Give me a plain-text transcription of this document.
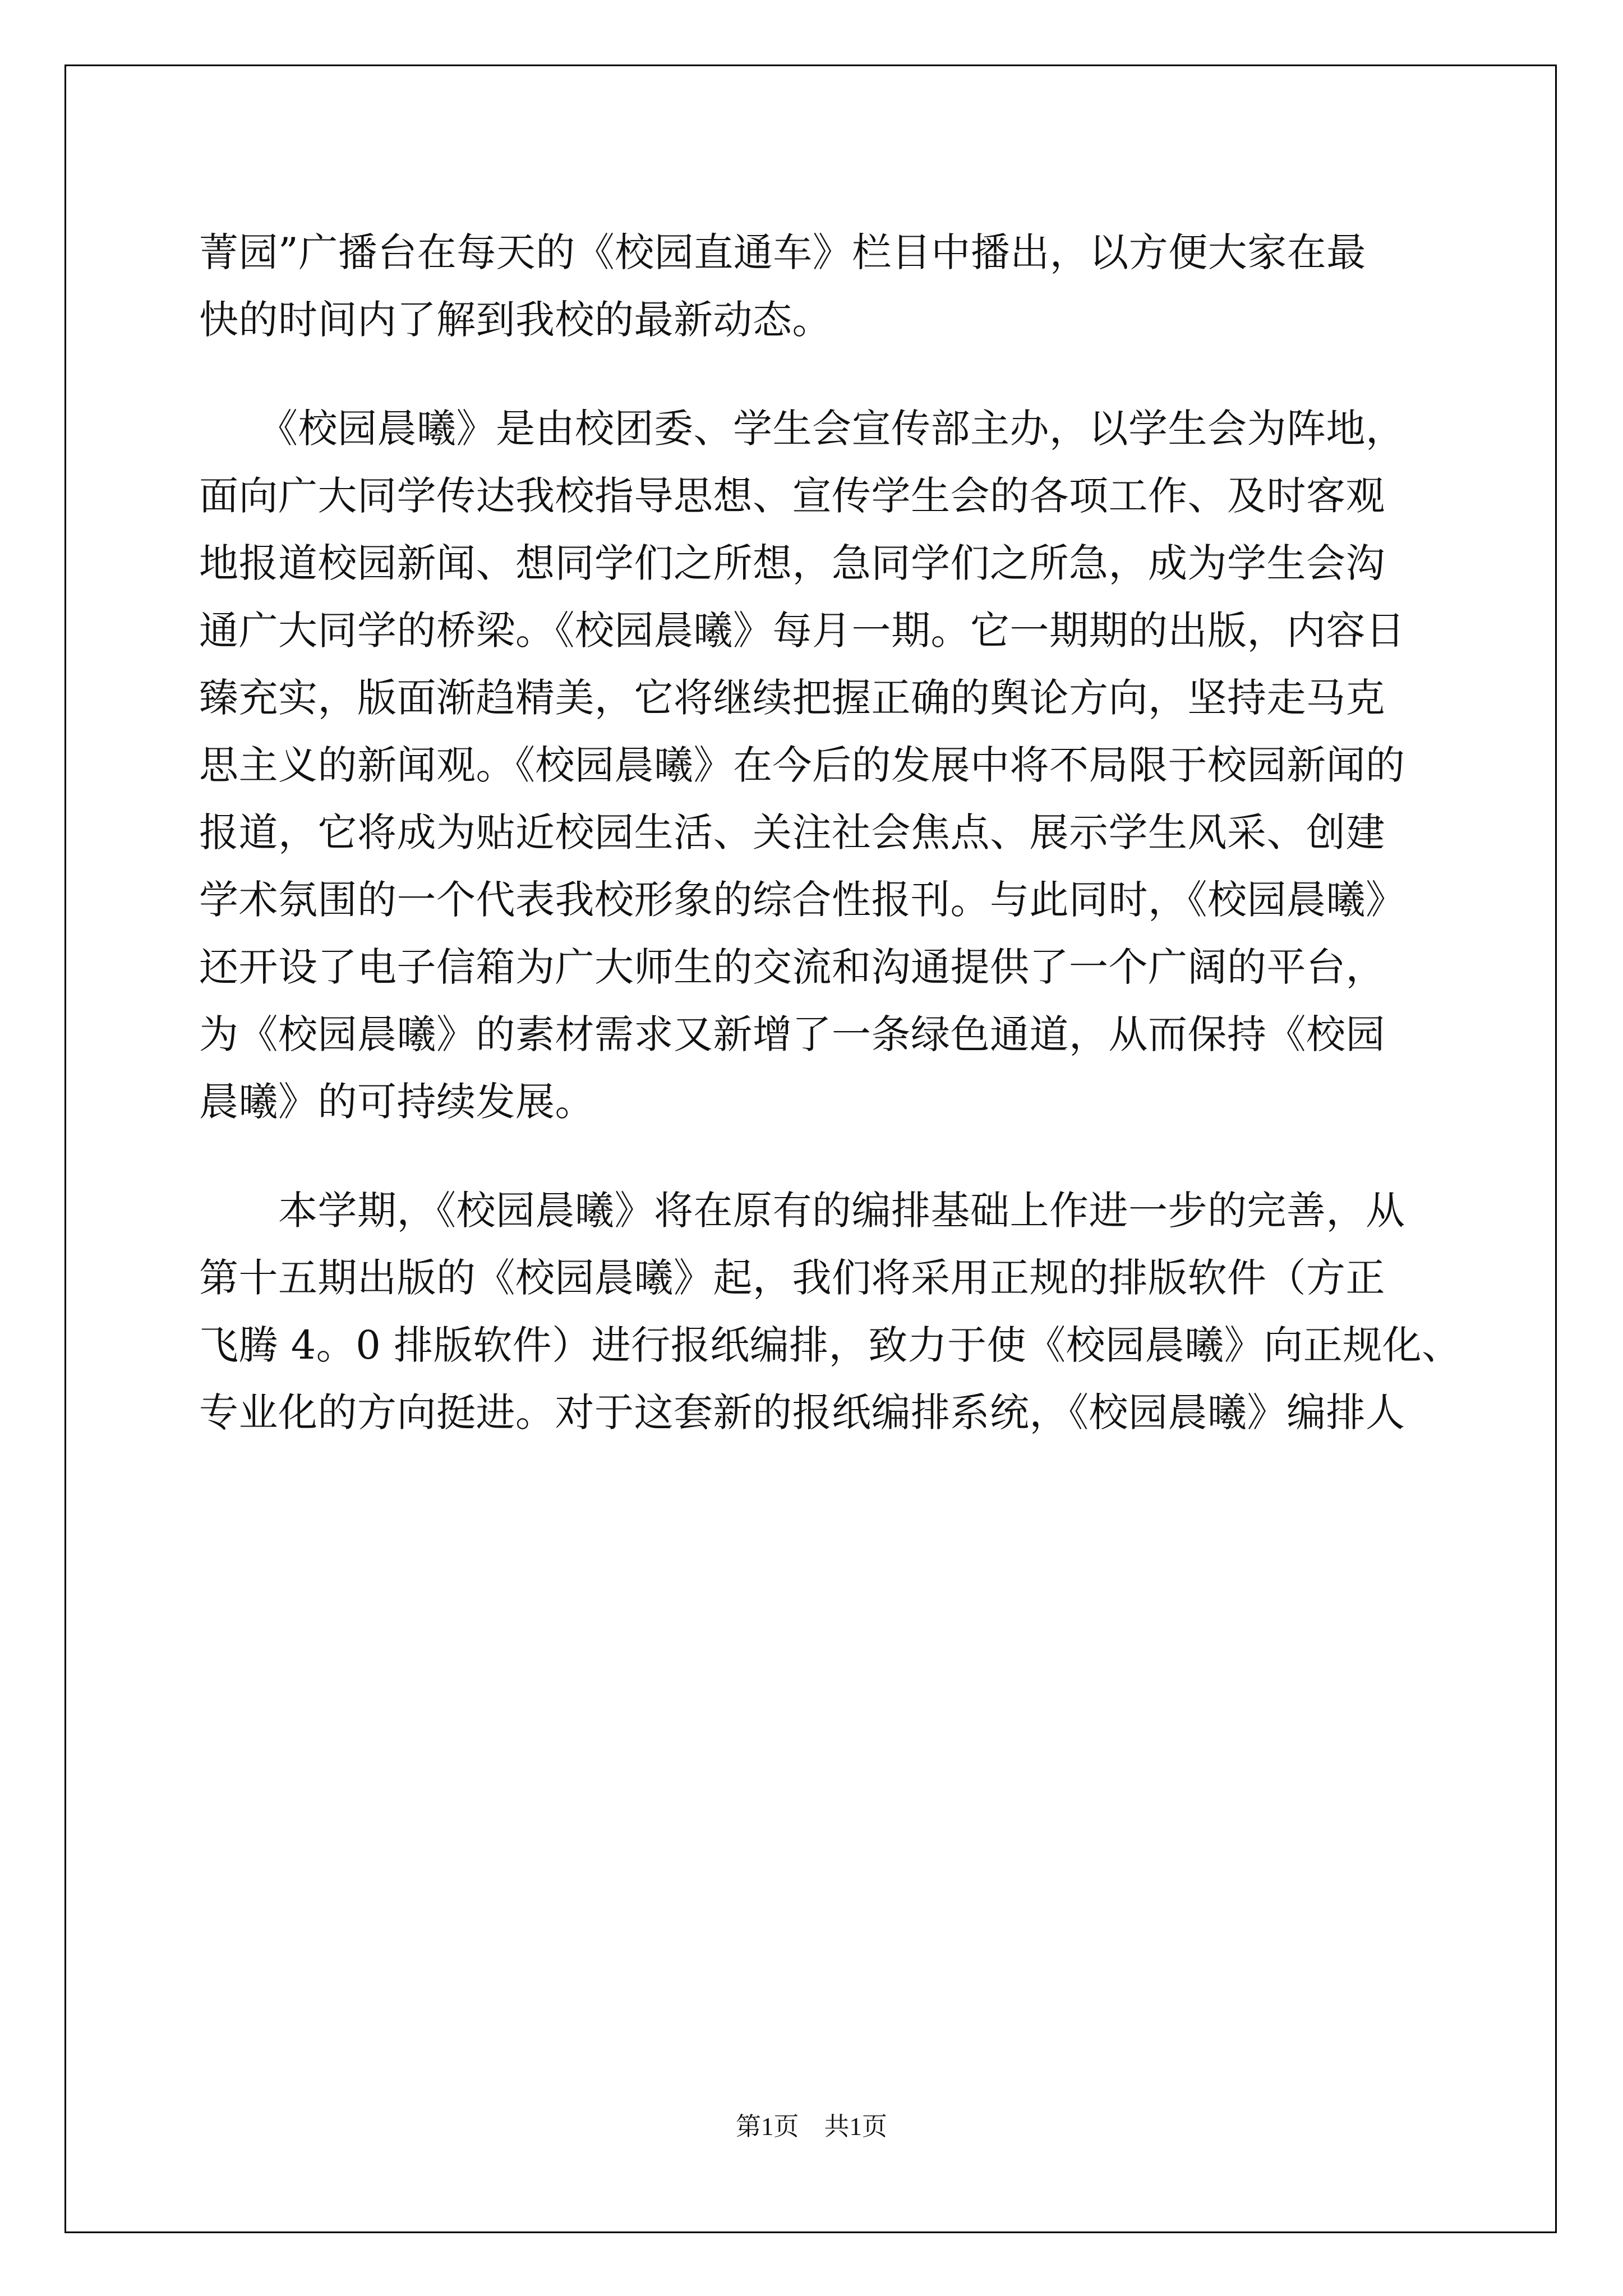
菁园”广播台在每天的《校园直通车》栏目中播出，以方便大家在最

快的时间内了解到我校的最新动态。

　　《校园晨曦》是由校团委、学生会宣传部主办，以学生会为阵地，

面向广大同学传达我校指导思想、宣传学生会的各项工作、及时客观

地报道校园新闻、想同学们之所想，急同学们之所急，成为学生会沟

通广大同学的桥梁。《校园晨曦》每月一期。它一期期的出版，内容日

臻充实，版面渐趋精美，它将继续把握正确的舆论方向，坚持走马克

思主义的新闻观。《校园晨曦》在今后的发展中将不局限于校园新闻的

报道，它将成为贴近校园生活、关注社会焦点、展示学生风采、创建

学术氛围的一个代表我校形象的综合性报刊。与此同时，《校园晨曦》

还开设了电子信箱为广大师生的交流和沟通提供了一个广阔的平台，

为《校园晨曦》的素材需求又新增了一条绿色通道，从而保持《校园

晨曦》的可持续发展。

　　本学期，《校园晨曦》将在原有的编排基础上作进一步的完善，从

第十五期出版的《校园晨曦》起，我们将采用正规的排版软件（方正

飞腾 4。0 排版软件）进行报纸编排，致力于使《校园晨曦》向正规化、

专业化的方向挺进。对于这套新的报纸编排系统，《校园晨曦》编排人

第1页　共1页
